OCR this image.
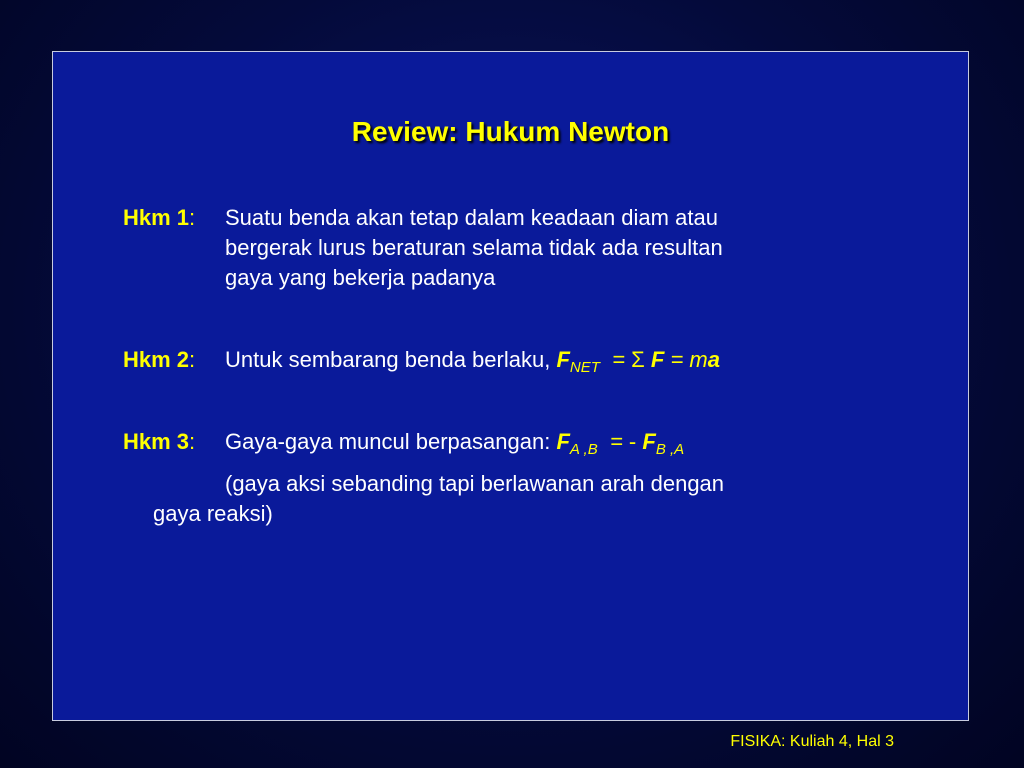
Review: Hukum Newton
Hkm 1: Suatu benda akan tetap dalam keadaan diam atau
bergerak lurus beraturan selama tidak ada resultan
gaya yang bekerja padanya
Hkm 2: Untuk sembarang benda berlaku, $F_{NET} = \Sigma$ F = ma
Hkm 3: Gaya-gaya muncul berpasangan: $F_{A ,B}$ = - $F_{B ,A}$
(gaya aksi sebanding tapi berlawanan arah dengan
gaya reaksi)
FISIKA: Kuliah 4, Hal 3
